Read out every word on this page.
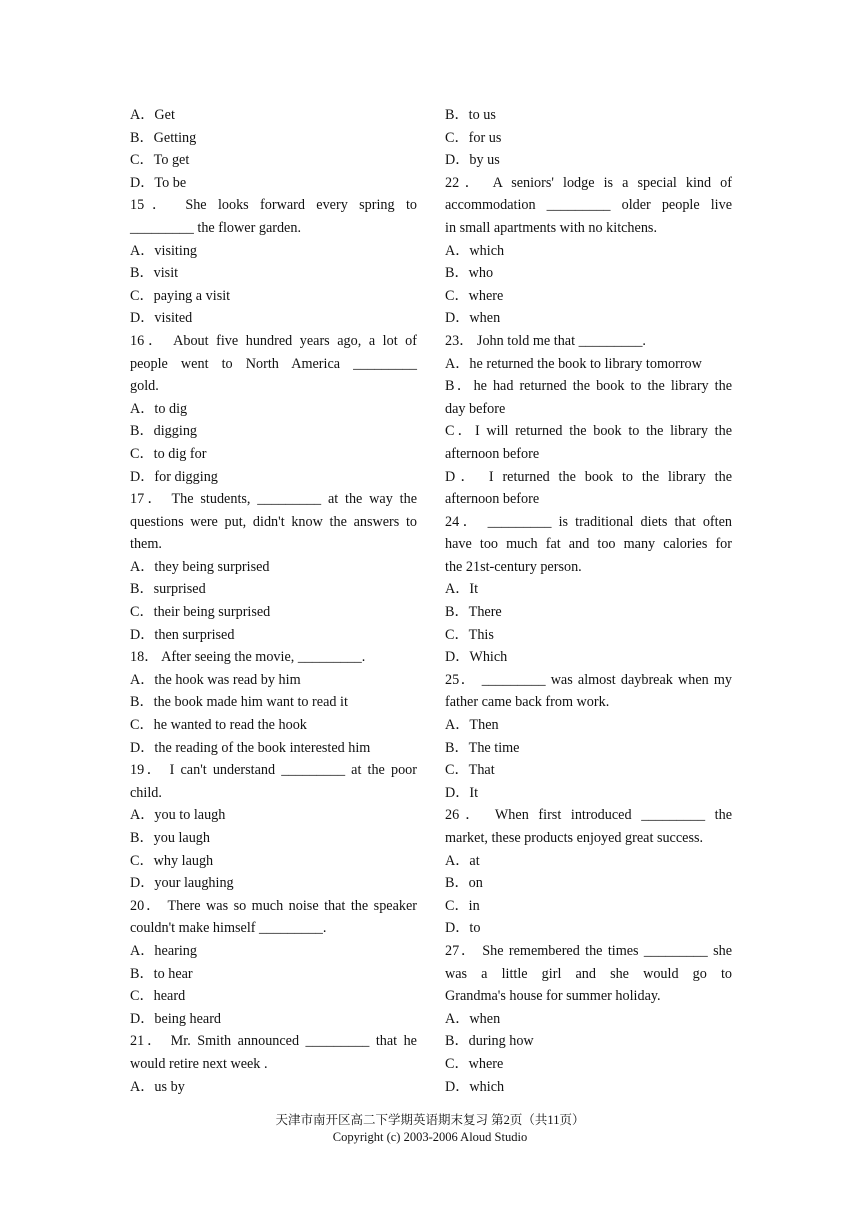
A．Get
B．Getting
C．To get
D．To be
15． She looks forward every spring to
_________ the flower garden.
A．visiting
B．visit
C．paying a visit
D．visited
16． About five hundred years ago, a lot of
people went to North America _________
gold.
A．to dig
B．digging
C．to dig for
D．for digging
17． The students, _________ at the way the
questions were put, didn't know the answers to
them.
A．they being surprised
B．surprised
C．their being surprised
D．then surprised
18． After seeing the movie, _________.
A．the hook was read by him
B．the book made him want to read it
C．he wanted to read the hook
D．the reading of the book interested him
19． I can't understand _________ at the poor
child.
A．you to laugh
B．you laugh
C．why laugh
D．your laughing
20． There was so much noise that the speaker
couldn't make himself _________.
A．hearing
B．to hear
C．heard
D．being heard
21． Mr. Smith announced _________ that he
would retire next week .
A．us by
B．to us
C．for us
D．by us
22． A seniors' lodge is a special kind of
accommodation _________ older people live
in small apartments with no kitchens.
A．which
B．who
C．where
D．when
23． John told me that _________.
A．he returned the book to library tomorrow
B．he had returned the book to the library the
day before
C．I will returned the book to the library the
afternoon before
D． I returned the book to the library the
afternoon before
24． _________ is traditional diets that often
have too much fat and too many calories for
the 21st-century person.
A．It
B．There
C．This
D．Which
25． _________ was almost daybreak when my
father came back from work.
A．Then
B．The time
C．That
D．It
26． When first introduced _________ the
market, these products enjoyed great success.
A．at
B．on
C．in
D．to
27． She remembered the times _________ she
was a little girl and she would go to
Grandma's house for summer holiday.
A．when
B．during how
C．where
D．which
天津市南开区高二下学期英语期末复习 第2页（共11页）
Copyright (c) 2003-2006 Aloud Studio
